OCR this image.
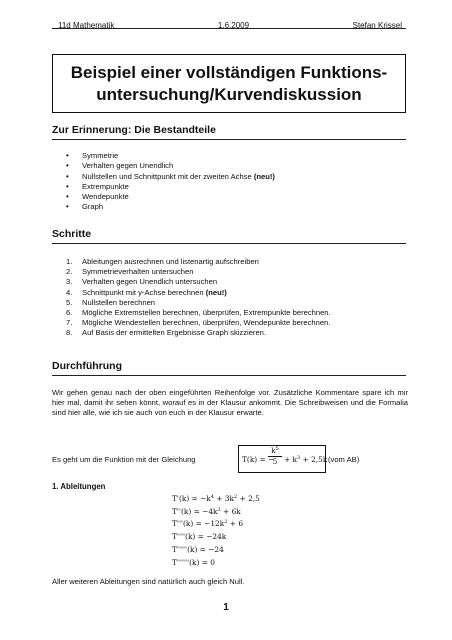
11d Mathematik	1.6.2009	Stefan Krissel
Beispiel einer vollständigen Funktions-
untersuchung/Kurvendiskussion
Zur Erinnerung: Die Bestandteile
• Symmetrie
• Verhalten gegen Unendlich
• Nullstellen und Schnittpunkt mit der zweiten Achse (neu!)
• Extrempunkte
• Wendepunkte
• Graph
Schritte
1. Ableitungen ausrechnen und listenartig aufschreiben
2. Symmetrieverhalten untersuchen
3. Verhalten gegen Unendlich untersuchen
4. Schnittpunkt mit y-Achse berechnen (neu!)
5. Nullstellen berechnen
6. Mögliche Extremstellen berechnen, überprüfen, Extrempunkte berechnen.
7. Mögliche Wendestellen berechnen, überprüfen, Wendepunkte berechnen.
8. Auf Basis der ermittelten Ergebnisse Graph skizzieren.
Durchführung
Wir gehen genau nach der oben eingeführten Reihenfolge vor. Zusätzliche Kommentare spare ich mir hier mal, damit ihr sehen könnt, worauf es in der Klausur ankommt. Die Schreibweisen und die Formalia sind hier alle, wie ich sie auch von euch in der Klausur erwarte.
Es geht um die Funktion mit der Gleichung	T(k) = −
$\frac{k^5}{5} + k^3 + 2,5k$ (vom AB)
1. Ableitungen
$T'(k) = -k^4 + 3k^2 + 2,5$
$T''(k) = -4k^3 + 6k$
$T'''(k) = -12k^2 + 6$
T''''(k) = −24k
T'''''(k) = −24
T''''''(k) = 0
Aller weiteren Ableitungen sind natürlich auch gleich Null.
1
